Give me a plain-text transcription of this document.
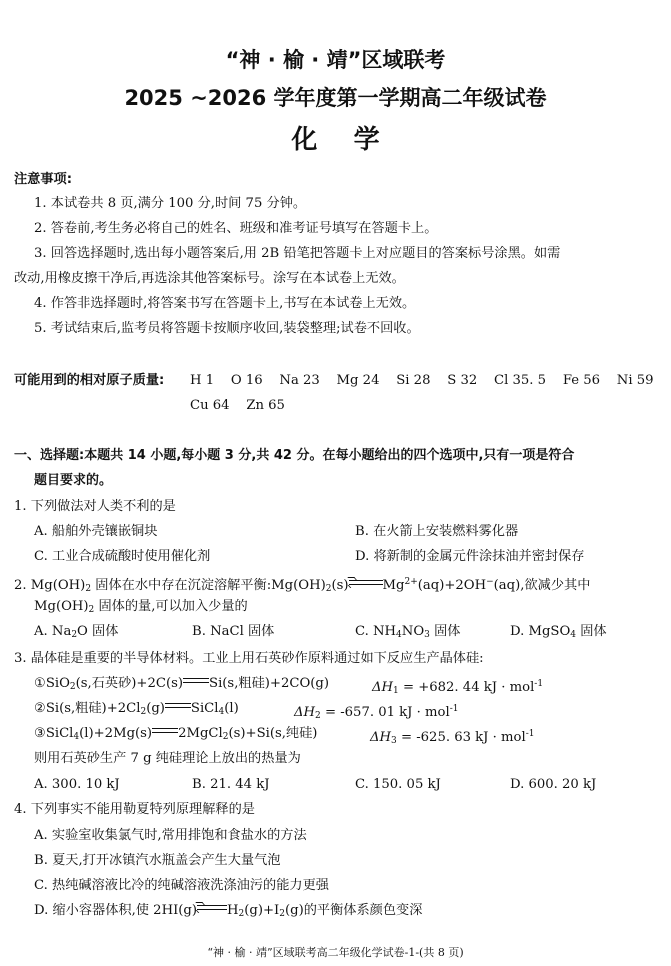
“神 · 榆 · 靖”区域联考
2025 ~2026 学年度第一学期高二年级试卷
化    学
注意事项:
1. 本试卷共 8 页,满分 100 分,时间 75 分钟。
2. 答卷前,考生务必将自己的姓名、班级和准考证号填写在答题卡上。
3. 回答选择题时,选出每小题答案后,用 2B 铅笔把答题卡上对应题目的答案标号涂黑。如需
改动,用橡皮擦干净后,再选涂其他答案标号。涂写在本试卷上无效。
4. 作答非选择题时,将答案书写在答题卡上,书写在本试卷上无效。
5. 考试结束后,监考员将答题卡按顺序收回,装袋整理;试卷不回收。
可能用到的相对原子质量: H 1    O 16    Na 23    Mg 24    Si 28    S 32    Cl 35. 5    Fe 56    Ni 59
Cu 64    Zn 65
一、选择题:本题共 14 小题,每小题 3 分,共 42 分。在每小题给出的四个选项中,只有一项是符合
题目要求的。
1. 下列做法对人类不利的是
A. 船舶外壳镶嵌铜块	B. 在火箭上安装燃料雾化器
C. 工业合成硫酸时使用催化剂	D. 将新制的金属元件涂抹油并密封保存
2. $Mg(OH)_2$ 固体在水中存在沉淀溶解平衡$:Mg(OH)_2(s)$	$Mg^{2+}(aq)+2OH^-(aq)$,欲减少其中
$Mg(OH)_2$ 固体的量,可以加入少量的
A. $Na_2O$ 固体	B. NaCl 固体	C. $NH_4NO_3$ 固体	D. MgSO$_4$ 固体
3. 晶体硅是重要的半导体材料。工业上用石英砂作原料通过如下反应生产晶体硅:
①SiO$_2$(s,石英砂)+2C(s) Si(s,粗硅)+2CO(g)	$\Delta H_1 = +682$. 44 kJ · mol$^{-1}$
②Si(s,粗硅)$+2Cl_2(g)$ SiCl$_4$(l)	$\Delta H_2 = -657$. 01 kJ · mol$^{-1}$
③SiCl$_4$(l)+2Mg(s) 2MgCl$_2$(s)+Si(s,纯硅)	$\Delta H_3 = -625$. 63 kJ · mol$^{-1}$
则用石英砂生产 7 g 纯硅理论上放出的热量为
A. 300. 10 kJ	B. 21. 44 kJ	C. 150. 05 kJ	D. 600. 20 kJ
4. 下列事实不能用勒夏特列原理解释的是
A. 实验室收集氯气时,常用排饱和食盐水的方法
B. 夏天,打开冰镇汽水瓶盖会产生大量气泡
C. 热纯碱溶液比冷的纯碱溶液洗涤油污的能力更强
D. 缩小容器体积,使 2HI(g) $H_2(g)+I_2(g)$的平衡体系颜色变深
“神 · 榆 · 靖”区域联考高二年级化学试卷-1-(共 8 页)
